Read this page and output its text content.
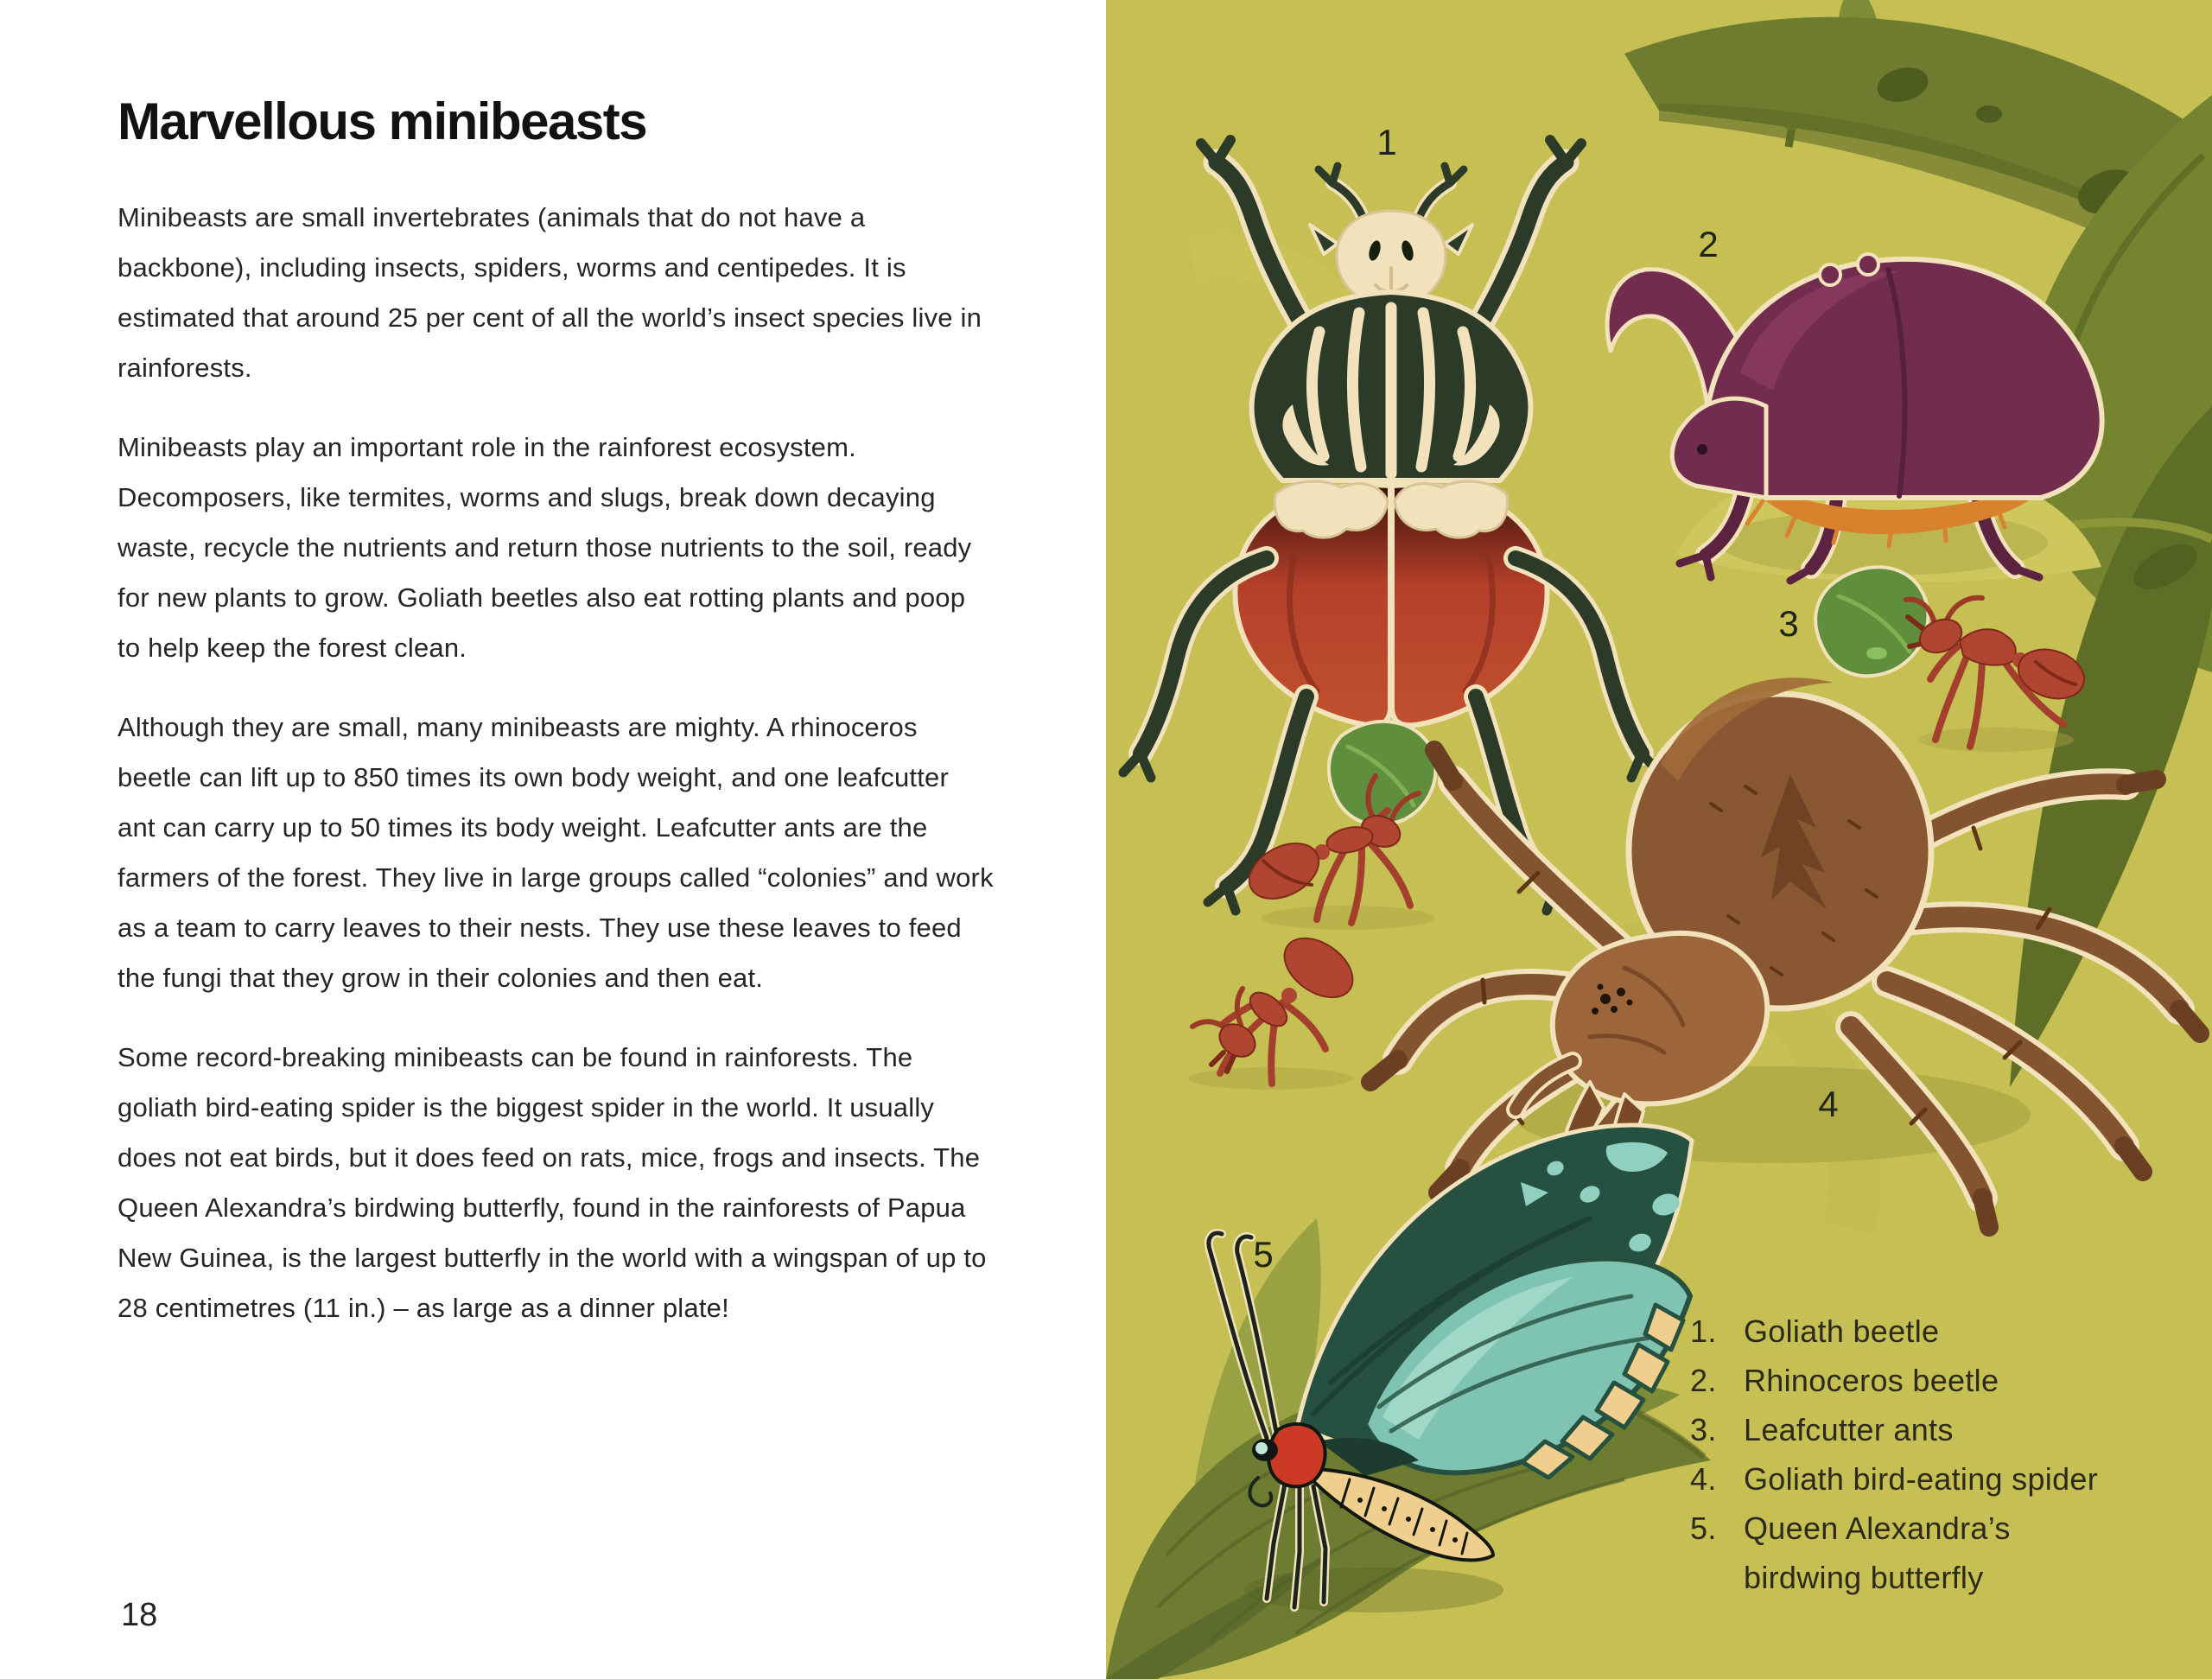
Marvellous minibeasts

Minibeasts are small invertebrates (animals that do not have a backbone), including insects, spiders, worms and centipedes. It is estimated that around 25 per cent of all the world’s insect species live in rainforests.

Minibeasts play an important role in the rainforest ecosystem. Decomposers, like termites, worms and slugs, break down decaying waste, recycle the nutrients and return those nutrients to the soil, ready for new plants to grow. Goliath beetles also eat rotting plants and poop to help keep the forest clean.

Although they are small, many minibeasts are mighty. A rhinoceros beetle can lift up to 850 times its own body weight, and one leafcutter ant can carry up to 50 times its body weight. Leafcutter ants are the farmers of the forest. They live in large groups called “colonies” and work as a team to carry leaves to their nests. They use these leaves to feed the fungi that they grow in their colonies and then eat.

Some record-breaking minibeasts can be found in rainforests. The goliath bird-eating spider is the biggest spider in the world. It usually does not eat birds, but it does feed on rats, mice, frogs and insects. The Queen Alexandra’s birdwing butterfly, found in the rainforests of Papua New Guinea, is the largest butterfly in the world with a wingspan of up to 28 centimetres (11 in.) – as large as a dinner plate!

18
1
2
3
4
5
1. Goliath beetle
2. Rhinoceros beetle
3. Leafcutter ants
4. Goliath bird-eating spider
5. Queen Alexandra’s birdwing butterfly
